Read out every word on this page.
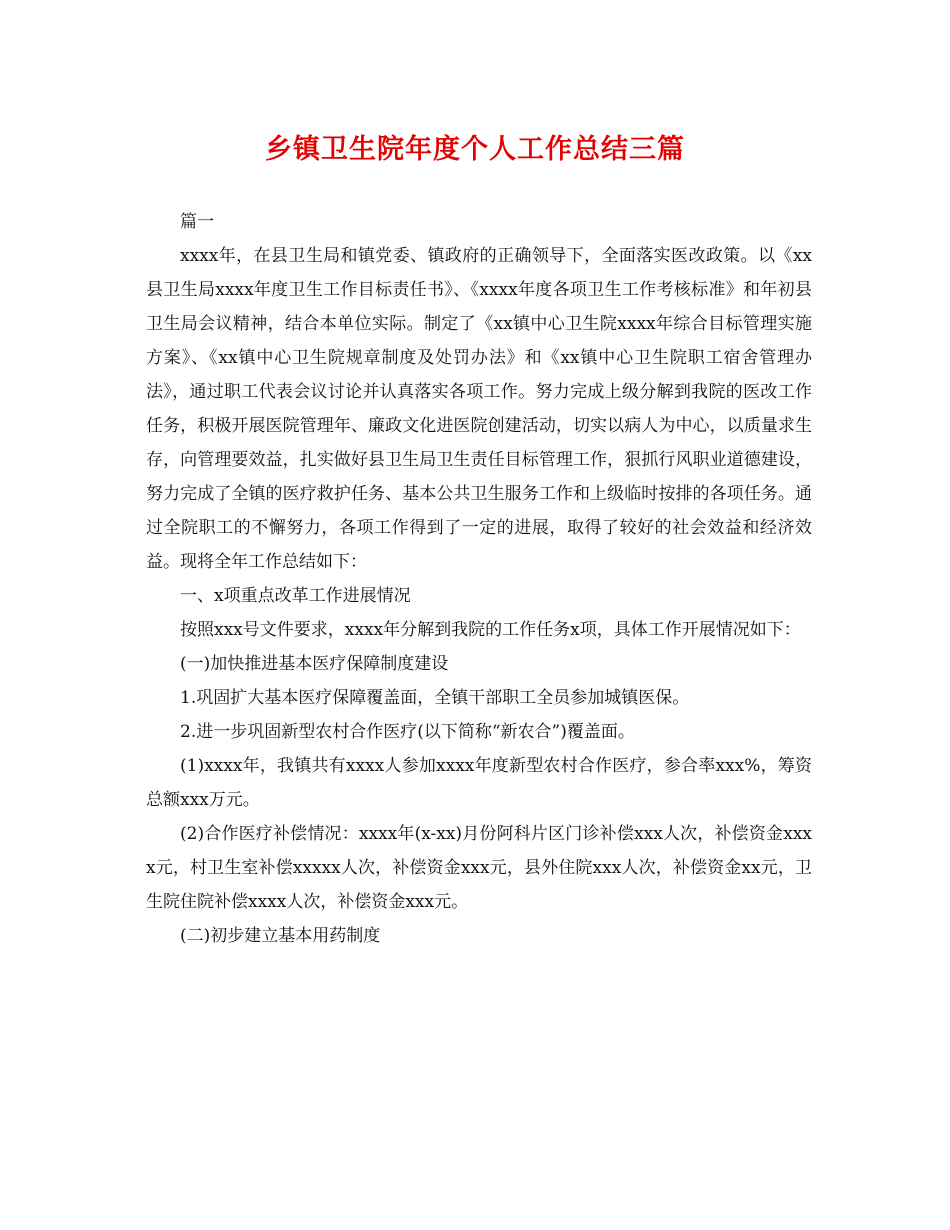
乡镇卫生院年度个人工作总结三篇

篇一

xxxx年，在县卫生局和镇党委、镇政府的正确领导下，全面落实医改政策。以《xx县卫生局xxxx年度卫生工作目标责任书》、《xxxx年度各项卫生工作考核标准》和年初县卫生局会议精神，结合本单位实际。制定了《xx镇中心卫生院xxxx年综合目标管理实施方案》、《xx镇中心卫生院规章制度及处罚办法》和《xx镇中心卫生院职工宿舍管理办法》，通过职工代表会议讨论并认真落实各项工作。努力完成上级分解到我院的医改工作任务，积极开展医院管理年、廉政文化进医院创建活动，切实以病人为中心，以质量求生存，向管理要效益，扎实做好县卫生局卫生责任目标管理工作，狠抓行风职业道德建设，努力完成了全镇的医疗救护任务、基本公共卫生服务工作和上级临时按排的各项任务。通过全院职工的不懈努力，各项工作得到了一定的进展，取得了较好的社会效益和经济效益。现将全年工作总结如下：

一、x项重点改革工作进展情况

按照xxx号文件要求，xxxx年分解到我院的工作任务x项，具体工作开展情况如下：

(一)加快推进基本医疗保障制度建设

1.巩固扩大基本医疗保障覆盖面，全镇干部职工全员参加城镇医保。

2.进一步巩固新型农村合作医疗(以下简称“新农合”)覆盖面。

(1)xxxx年，我镇共有xxxx人参加xxxx年度新型农村合作医疗，参合率xxx%，筹资总额xxx万元。

(2)合作医疗补偿情况：xxxx年(x-xx)月份阿科片区门诊补偿xxx人次，补偿资金xxxx元，村卫生室补偿xxxxx人次，补偿资金xxx元，县外住院xxx人次，补偿资金xx元，卫生院住院补偿xxxx人次，补偿资金xxx元。

(二)初步建立基本用药制度
